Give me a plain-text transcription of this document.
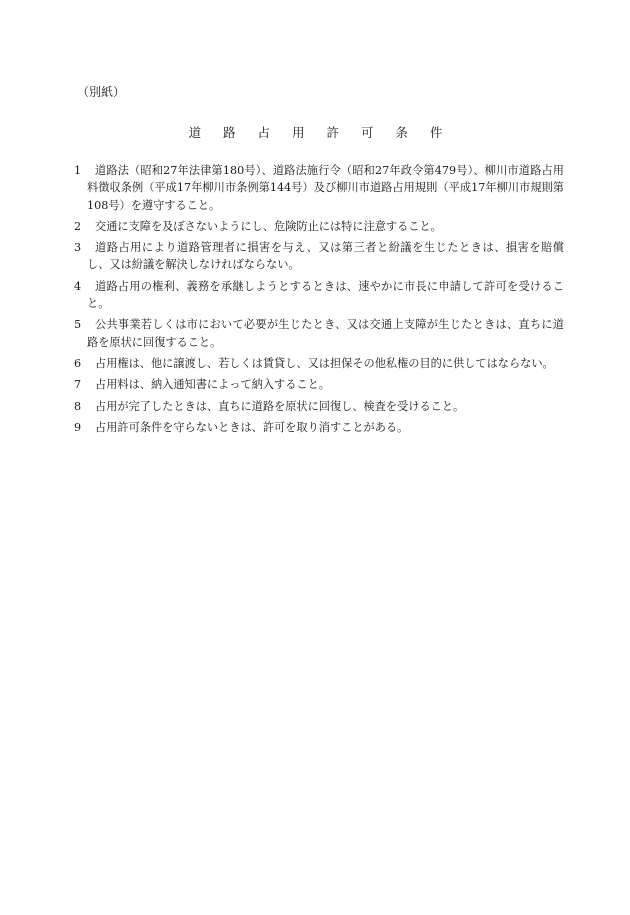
（別紙）
道 路 占 用 許 可 条 件
1	道路法（昭和27年法律第180号）、道路法施行令（昭和27年政令第479号）、柳川市道路占用料徴収条例（平成17年柳川市条例第144号）及び柳川市道路占用規則（平成17年柳川市規則第108号）を遵守すること。
2	交通に支障を及ぼさないようにし、危険防止には特に注意すること。
3	道路占用により道路管理者に損害を与え、又は第三者と紛議を生じたときは、損害を賠償し、又は紛議を解決しなければならない。
4	道路占用の権利、義務を承継しようとするときは、速やかに市長に申請して許可を受けること。
5	公共事業若しくは市において必要が生じたとき、又は交通上支障が生じたときは、直ちに道路を原状に回復すること。
6	占用権は、他に譲渡し、若しくは賃貸し、又は担保その他私権の目的に供してはならない。
7	占用料は、納入通知書によって納入すること。
8	占用が完了したときは、直ちに道路を原状に回復し、検査を受けること。
9	占用許可条件を守らないときは、許可を取り消すことがある。
